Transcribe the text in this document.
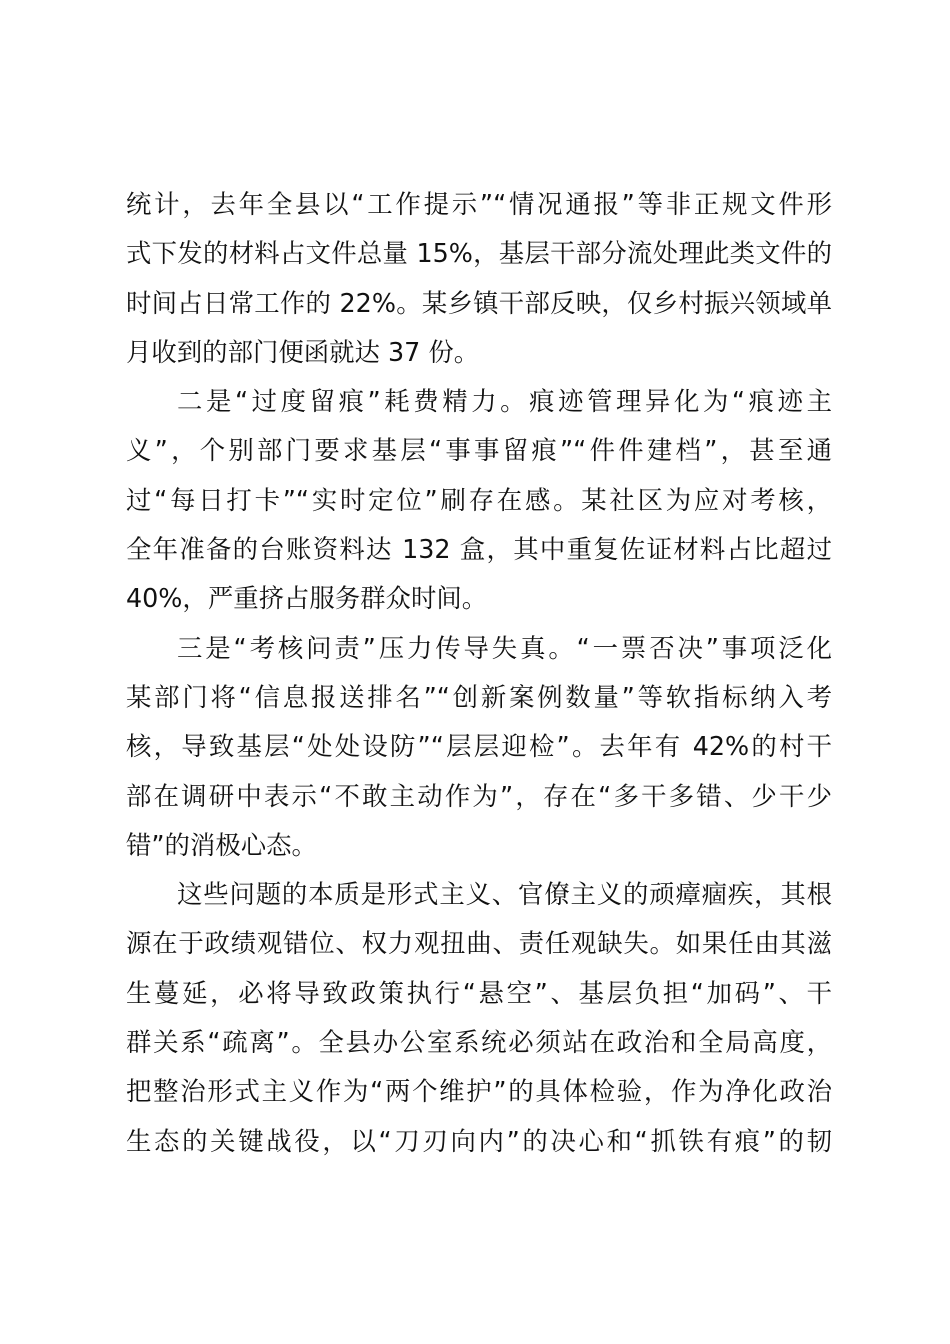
统计，去年全县以“工作提示”“情况通报”等非正规文件形
式下发的材料占文件总量 15%，基层干部分流处理此类文件的
时间占日常工作的 22%。某乡镇干部反映，仅乡村振兴领域单
月收到的部门便函就达 37 份。
二是“过度留痕”耗费精力。痕迹管理异化为“痕迹主
义”，个别部门要求基层“事事留痕”“件件建档”，甚至通
过“每日打卡”“实时定位”刷存在感。某社区为应对考核，
全年准备的台账资料达 132 盒，其中重复佐证材料占比超过
40%，严重挤占服务群众时间。
三是“考核问责”压力传导失真。“一票否决”事项泛化
某部门将“信息报送排名”“创新案例数量”等软指标纳入考
核，导致基层“处处设防”“层层迎检”。去年有 42%的村干
部在调研中表示“不敢主动作为”，存在“多干多错、少干少
错”的消极心态。
这些问题的本质是形式主义、官僚主义的顽瘴痼疾，其根
源在于政绩观错位、权力观扭曲、责任观缺失。如果任由其滋
生蔓延，必将导致政策执行“悬空”、基层负担“加码”、干
群关系“疏离”。全县办公室系统必须站在政治和全局高度，
把整治形式主义作为“两个维护”的具体检验，作为净化政治
生态的关键战役，以“刀刃向内”的决心和“抓铁有痕”的韧
